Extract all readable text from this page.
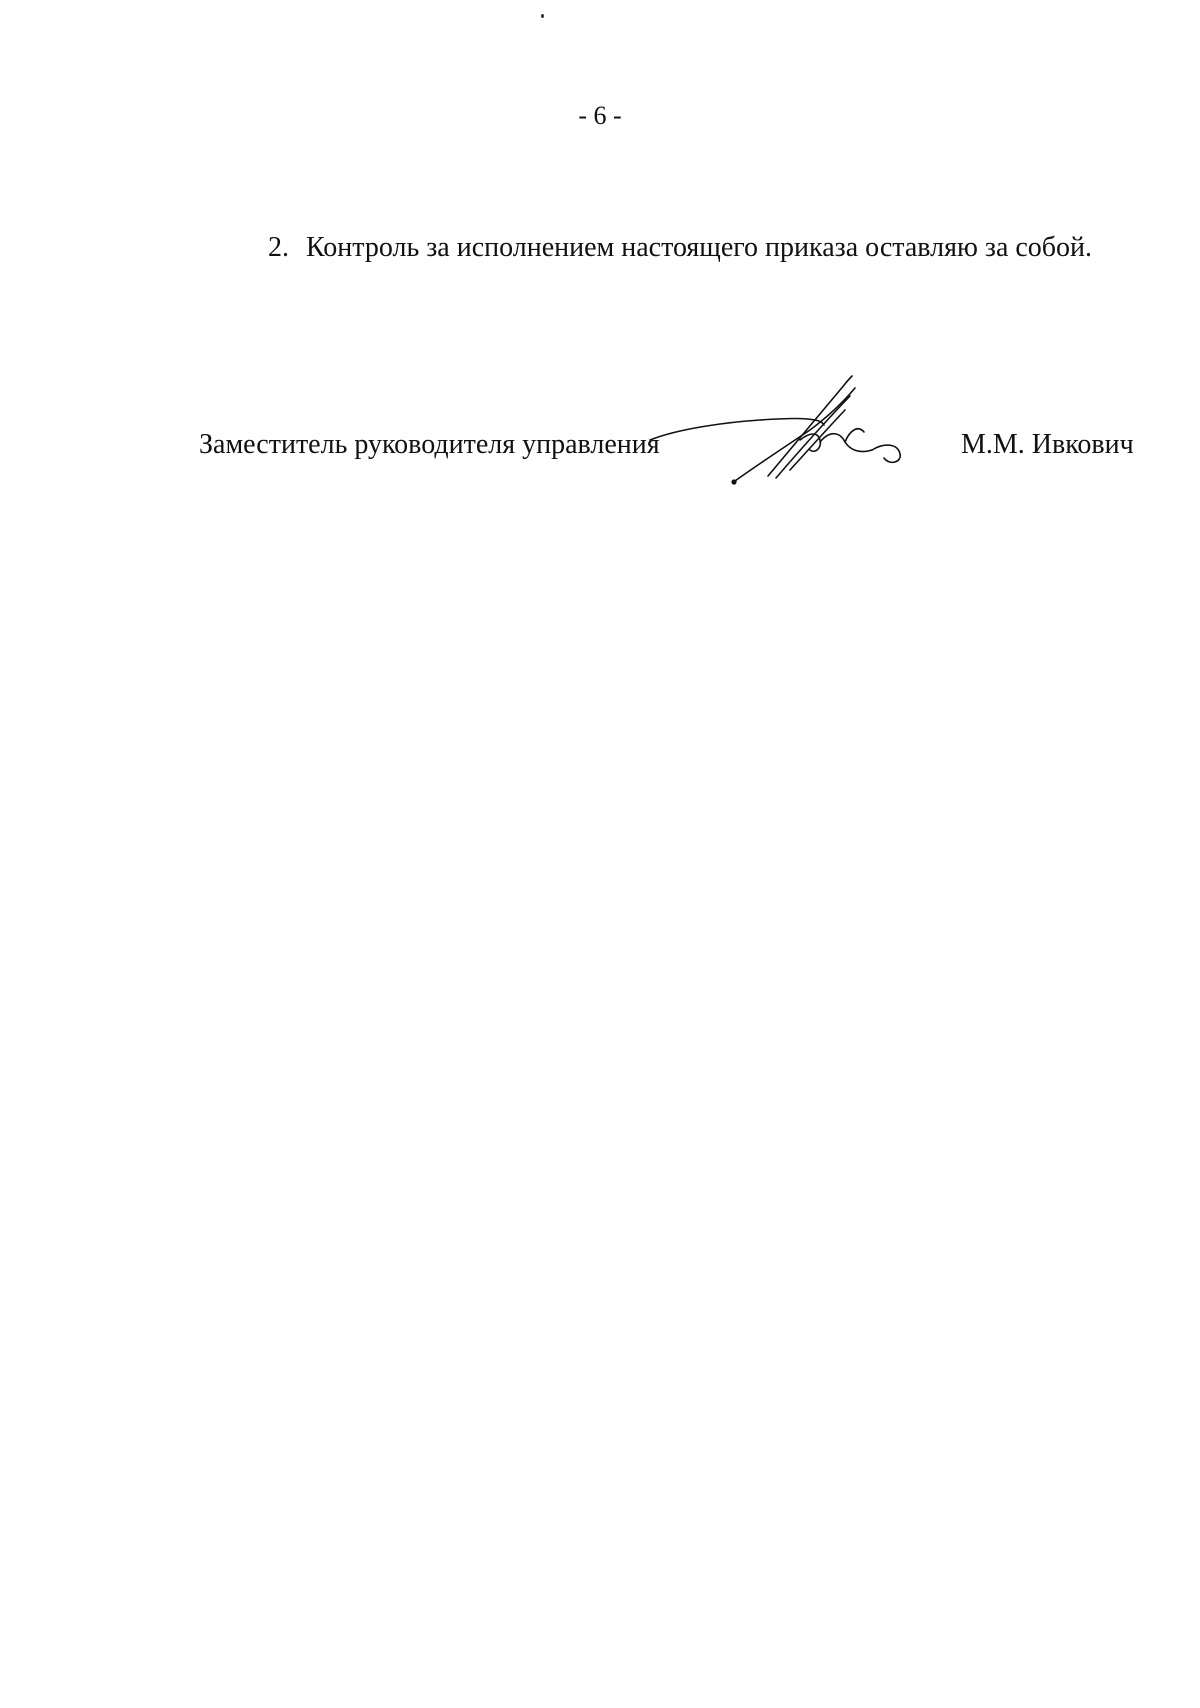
- 6 -
2. Контроль за исполнением настоящего приказа оставляю за собой.
Заместитель руководителя управления	М.М. Ивкович
